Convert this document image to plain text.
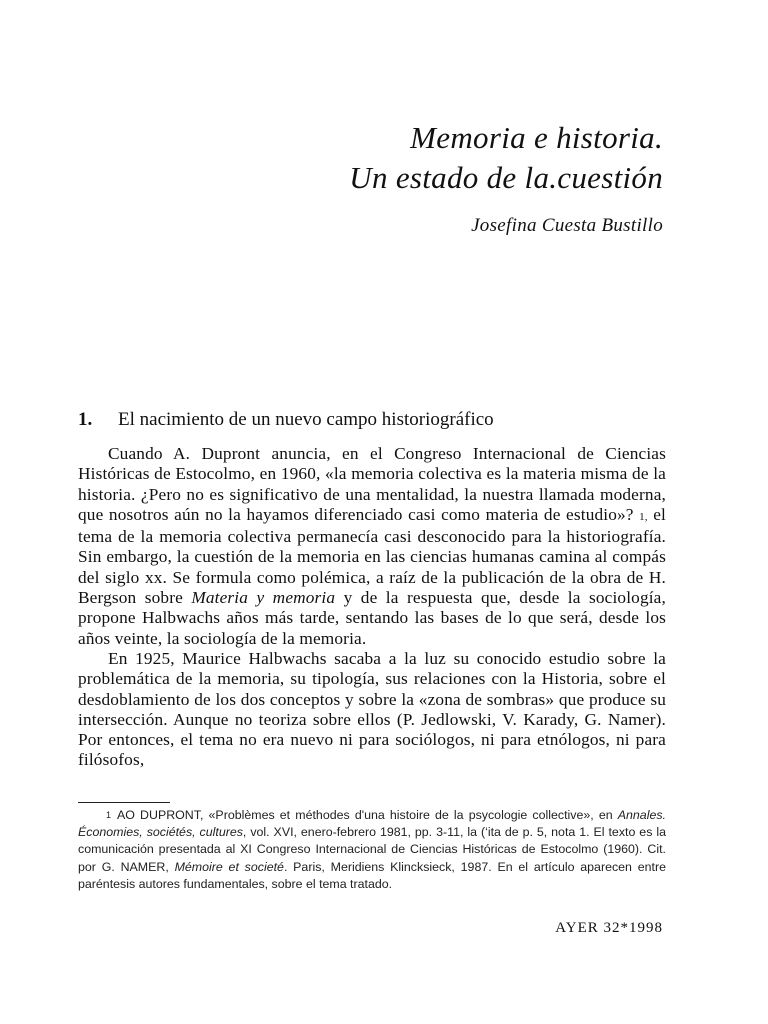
Memoria e historia.
Un estado de la.cuestión
Josefina Cuesta Bustillo
1. El nacimiento de un nuevo campo historiográfico

Cuando A. Dupront anuncia, en el Congreso Internacional de Ciencias Históricas de Estocolmo, en 1960, «la memoria colectiva es la materia misma de la historia. ¿Pero no es significativo de una mentalidad, la nuestra llamada moderna, que nosotros aún no la hayamos diferenciado casi como materia de estudio»? 1, el tema de la memoria colectiva permanecía casi desconocido para la historiografía. Sin embargo, la cuestión de la memoria en las ciencias humanas camina al compás del siglo xx. Se formula como polémica, a raíz de la publicación de la obra de H. Bergson sobre Materia y memoria y de la respuesta que, desde la sociología, propone Halbwachs años más tarde, sentando las bases de lo que será, desde los años veinte, la sociología de la memoria.

En 1925, Maurice Halbwachs sacaba a la luz su conocido estudio sobre la problemática de la memoria, su tipología, sus relaciones con la Historia, sobre el desdoblamiento de los dos conceptos y sobre la «zona de sombras» que produce su intersección. Aunque no teoriza sobre ellos (P. Jedlowski, V. Karady, G. Namer). Por entonces, el tema no era nuevo ni para sociólogos, ni para etnólogos, ni para filósofos,

1 AO DUPRONT, «Problèmes et méthodes d'una histoire de la psycologie collective», en Annales. Économies, sociétés, cultures, vol. XVI, enero-febrero 1981, pp. 3-11, la (‘ita de p. 5, nota 1. El texto es la comunicación presentada al XI Congreso Internacional de Ciencias Históricas de Estocolmo (1960). Cit. por G. NAMER, Mémoire et societé. Paris, Meridiens Klincksieck, 1987. En el artículo aparecen entre paréntesis autores fundamentales, sobre el tema tratado.
AYER 32*1998
